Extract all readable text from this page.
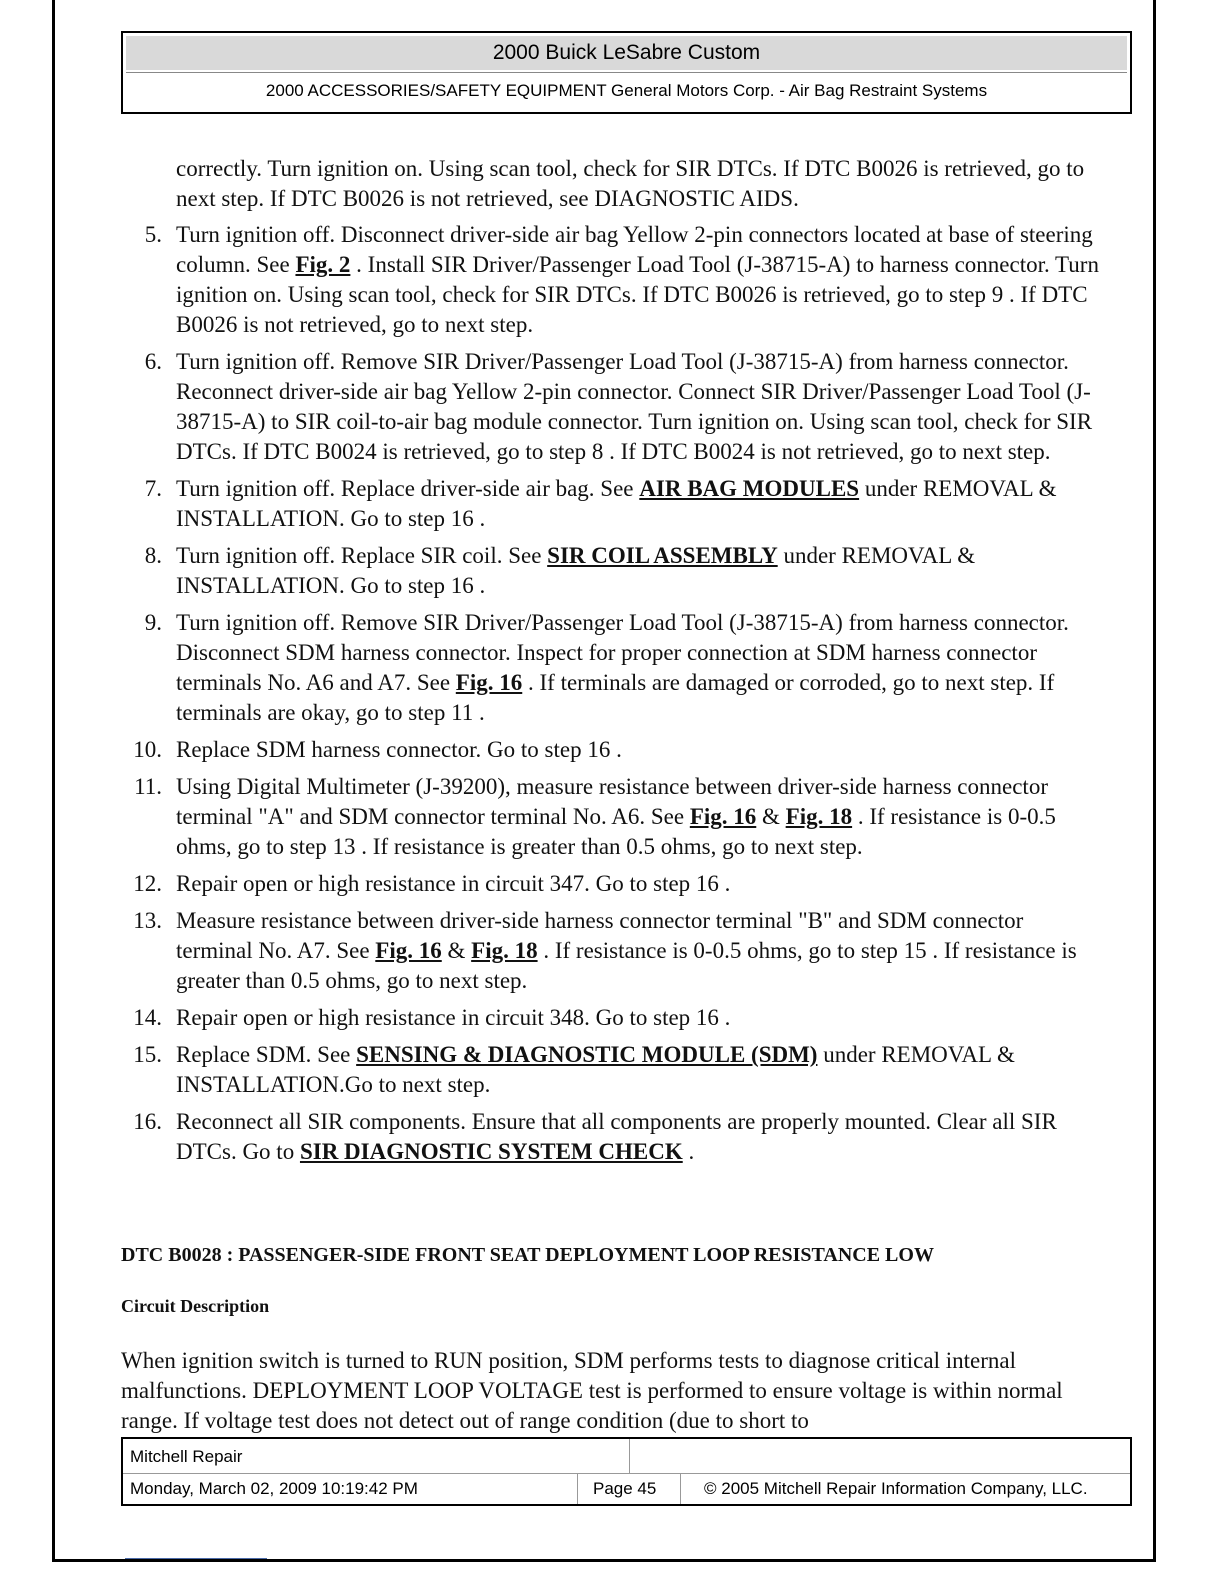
2000 Buick LeSabre Custom
2000 ACCESSORIES/SAFETY EQUIPMENT General Motors Corp. - Air Bag Restraint Systems
correctly. Turn ignition on. Using scan tool, check for SIR DTCs. If DTC B0026 is retrieved, go to next step. If DTC B0026 is not retrieved, see DIAGNOSTIC AIDS.
5. Turn ignition off. Disconnect driver-side air bag Yellow 2-pin connectors located at base of steering column. See Fig. 2 . Install SIR Driver/Passenger Load Tool (J-38715-A) to harness connector. Turn ignition on. Using scan tool, check for SIR DTCs. If DTC B0026 is retrieved, go to step 9 . If DTC B0026 is not retrieved, go to next step.
6. Turn ignition off. Remove SIR Driver/Passenger Load Tool (J-38715-A) from harness connector. Reconnect driver-side air bag Yellow 2-pin connector. Connect SIR Driver/Passenger Load Tool (J-38715-A) to SIR coil-to-air bag module connector. Turn ignition on. Using scan tool, check for SIR DTCs. If DTC B0024 is retrieved, go to step 8 . If DTC B0024 is not retrieved, go to next step.
7. Turn ignition off. Replace driver-side air bag. See AIR BAG MODULES under REMOVAL & INSTALLATION. Go to step 16 .
8. Turn ignition off. Replace SIR coil. See SIR COIL ASSEMBLY under REMOVAL & INSTALLATION. Go to step 16 .
9. Turn ignition off. Remove SIR Driver/Passenger Load Tool (J-38715-A) from harness connector. Disconnect SDM harness connector. Inspect for proper connection at SDM harness connector terminals No. A6 and A7. See Fig. 16 . If terminals are damaged or corroded, go to next step. If terminals are okay, go to step 11 .
10. Replace SDM harness connector. Go to step 16 .
11. Using Digital Multimeter (J-39200), measure resistance between driver-side harness connector terminal "A" and SDM connector terminal No. A6. See Fig. 16 & Fig. 18 . If resistance is 0-0.5 ohms, go to step 13 . If resistance is greater than 0.5 ohms, go to next step.
12. Repair open or high resistance in circuit 347. Go to step 16 .
13. Measure resistance between driver-side harness connector terminal "B" and SDM connector terminal No. A7. See Fig. 16 & Fig. 18 . If resistance is 0-0.5 ohms, go to step 15 . If resistance is greater than 0.5 ohms, go to next step.
14. Repair open or high resistance in circuit 348. Go to step 16 .
15. Replace SDM. See SENSING & DIAGNOSTIC MODULE (SDM) under REMOVAL & INSTALLATION.Go to next step.
16. Reconnect all SIR components. Ensure that all components are properly mounted. Clear all SIR DTCs. Go to SIR DIAGNOSTIC SYSTEM CHECK .
DTC B0028 : PASSENGER-SIDE FRONT SEAT DEPLOYMENT LOOP RESISTANCE LOW
Circuit Description

When ignition switch is turned to RUN position, SDM performs tests to diagnose critical internal malfunctions. DEPLOYMENT LOOP VOLTAGE test is performed to ensure voltage is within normal range. If voltage test does not detect out of range condition (due to short to

Mitchell Repair
Monday, March 02, 2009 10:19:42 PM	Page 45	© 2005 Mitchell Repair Information Company, LLC.
